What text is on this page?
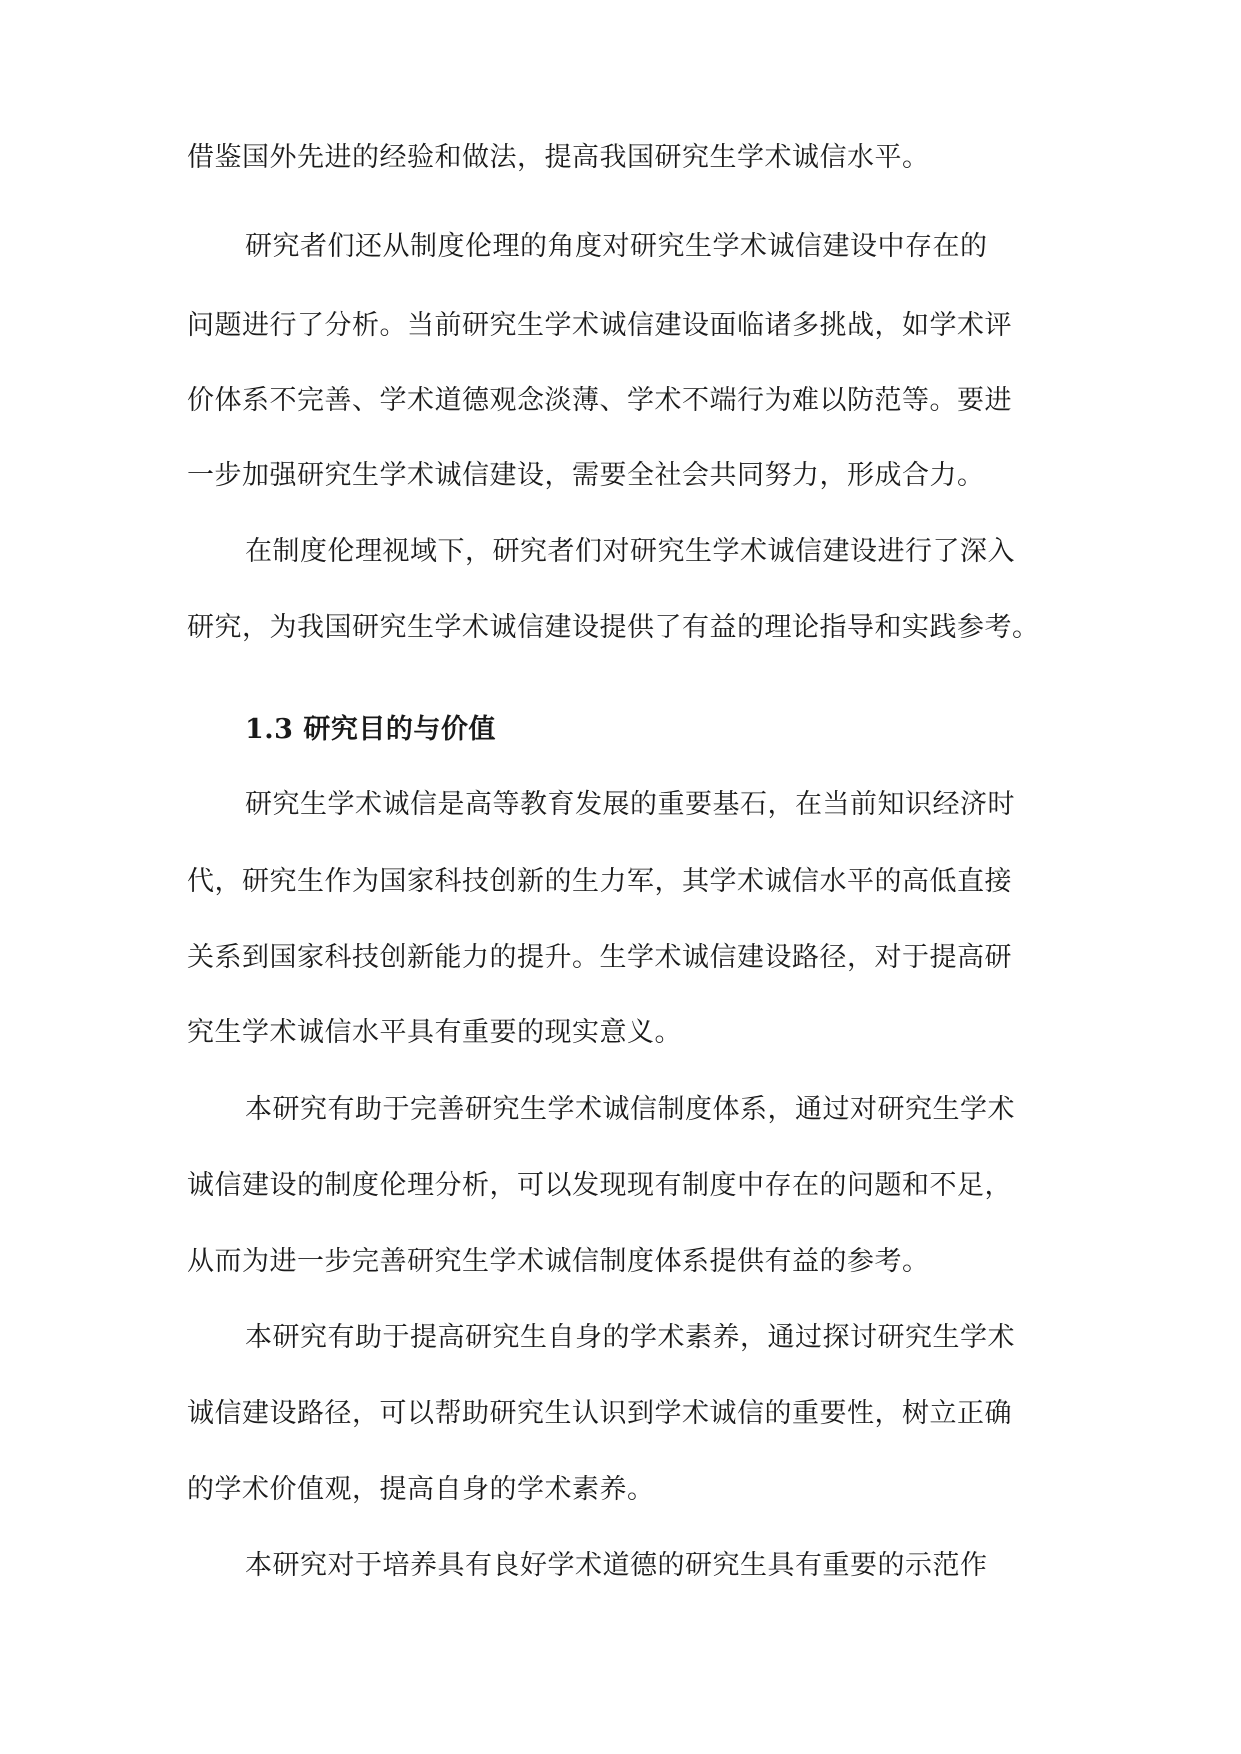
借鉴国外先进的经验和做法，提高我国研究生学术诚信水平。
研究者们还从制度伦理的角度对研究生学术诚信建设中存在的
问题进行了分析。当前研究生学术诚信建设面临诸多挑战，如学术评
价体系不完善、学术道德观念淡薄、学术不端行为难以防范等。要进
一步加强研究生学术诚信建设，需要全社会共同努力，形成合力。
在制度伦理视域下，研究者们对研究生学术诚信建设进行了深入
研究，为我国研究生学术诚信建设提供了有益的理论指导和实践参考。
1.3 研究目的与价值
研究生学术诚信是高等教育发展的重要基石，在当前知识经济时
代，研究生作为国家科技创新的生力军，其学术诚信水平的高低直接
关系到国家科技创新能力的提升。生学术诚信建设路径，对于提高研
究生学术诚信水平具有重要的现实意义。
本研究有助于完善研究生学术诚信制度体系，通过对研究生学术
诚信建设的制度伦理分析，可以发现现有制度中存在的问题和不足，
从而为进一步完善研究生学术诚信制度体系提供有益的参考。
本研究有助于提高研究生自身的学术素养，通过探讨研究生学术
诚信建设路径，可以帮助研究生认识到学术诚信的重要性，树立正确
的学术价值观，提高自身的学术素养。
本研究对于培养具有良好学术道德的研究生具有重要的示范作
